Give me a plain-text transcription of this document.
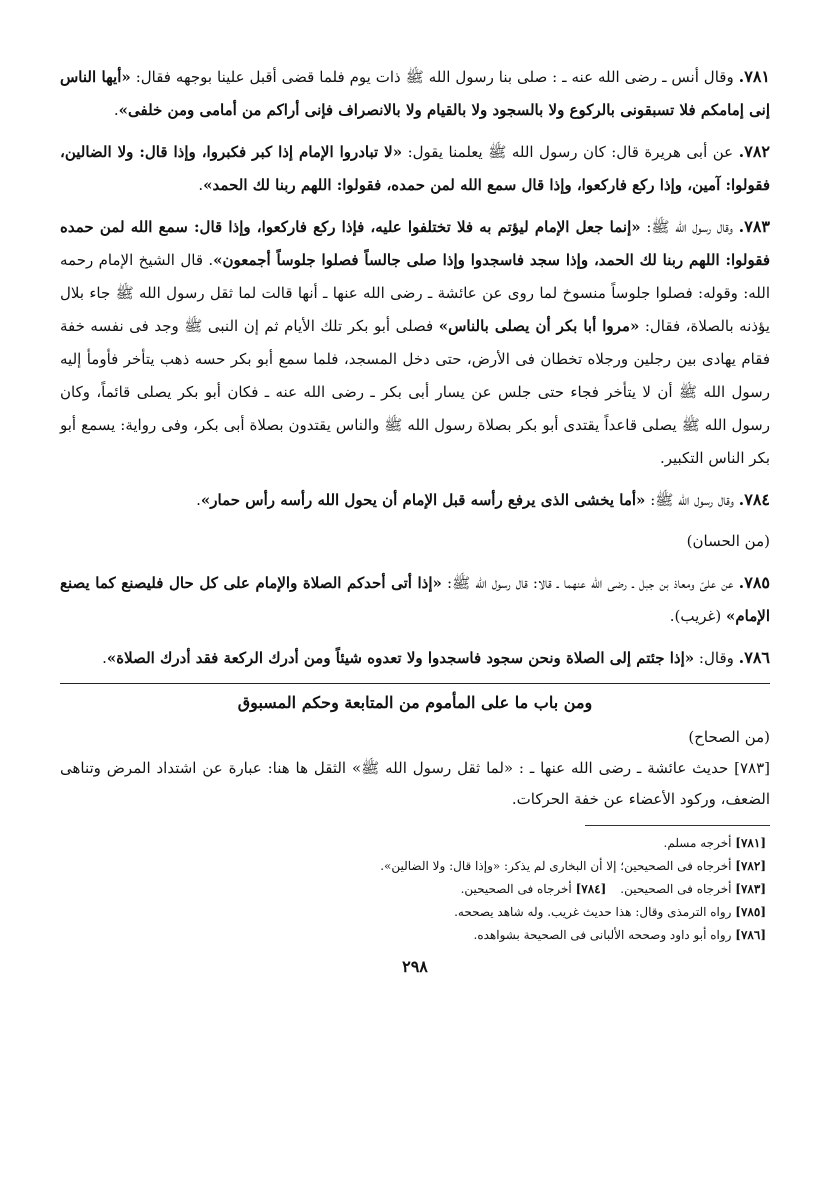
٧٨١. وقال أنس ـ رضى الله عنه ـ : صلى بنا رسول الله ﷺ ذات يوم فلما قضى أقبل علينا بوجهه فقال: «أيها الناس إنى إمامكم فلا تسبقونى بالركوع ولا بالسجود ولا بالقيام ولا بالانصراف فإنى أراكم من أمامى ومن خلفى».

٧٨٢. عن أبى هريرة قال: كان رسول الله ﷺ يعلمنا يقول: «لا تبادروا الإمام إذا كبر فكبروا، وإذا قال: ولا الضالين، فقولوا: آمين، وإذا ركع فاركعوا، وإذا قال سمع الله لمن حمده، فقولوا: اللهم ربنا لك الحمد».

٧٨٣. وقال رسول الله ﷺ: «إنما جعل الإمام ليؤتم به فلا تختلفوا عليه، فإذا ركع فاركعوا، وإذا قال: سمع الله لمن حمده فقولوا: اللهم ربنا لك الحمد، وإذا سجد فاسجدوا وإذا صلى جالساً فصلوا جلوساً أجمعون». قال الشيخ الإمام رحمه الله: وقوله: فصلوا جلوساً منسوخ لما روى عن عائشة ـ رضى الله عنها ـ أنها قالت لما ثقل رسول الله ﷺ جاء بلال يؤذنه بالصلاة، فقال: «مروا أبا بكر أن يصلى بالناس» فصلى أبو بكر تلك الأيام ثم إن النبى ﷺ وجد فى نفسه خفة فقام يهادى بين رجلين ورجلاه تخطان فى الأرض، حتى دخل المسجد، فلما سمع أبو بكر حسه ذهب يتأخر فأومأ إليه رسول الله ﷺ أن لا يتأخر فجاء حتى جلس عن يسار أبى بكر ـ رضى الله عنه ـ فكان أبو بكر يصلى قائماً، وكان رسول الله ﷺ يصلى قاعداً يقتدى أبو بكر بصلاة رسول الله ﷺ والناس يقتدون بصلاة أبى بكر، وفى رواية: يسمع أبو بكر الناس التكبير.

٧٨٤. وقال رسول الله ﷺ: «أما يخشى الذى يرفع رأسه قبل الإمام أن يحول الله رأسه رأس حمار».

(من الحسان)

٧٨٥. عن علىّ ومعاذ بن جبل ـ رضى الله عنهما ـ قالا: قال رسول الله ﷺ: «إذا أتى أحدكم الصلاة والإمام على كل حال فليصنع كما يصنع الإمام» (غريب).

٧٨٦. وقال: «إذا جئتم إلى الصلاة ونحن سجود فاسجدوا ولا تعدوه شيئاً ومن أدرك الركعة فقد أدرك الصلاة».

ومن باب ما على المأموم من المتابعة وحكم المسبوق

(من الصحاح)

[٧٨٣] حديث عائشة ـ رضى الله عنها ـ : «لما ثقل رسول الله ﷺ» الثقل ها هنا: عبارة عن اشتداد المرض وتناهى الضعف، وركود الأعضاء عن خفة الحركات.

[٧٨١] أخرجه مسلم.

[٧٨٢] أخرجاه فى الصحيحين؛ إلا أن البخارى لم يذكر: «وإذا قال: ولا الضالين».

[٧٨٣] أخرجاه فى الصحيحين.[٧٨٤] أخرجاه فى الصحيحين.

[٧٨٥] رواه الترمذى وقال: هذا حديث غريب. وله شاهد يصححه.

[٧٨٦] رواه أبو داود وصححه الألبانى فى الصحيحة بشواهده.

٢٩٨
